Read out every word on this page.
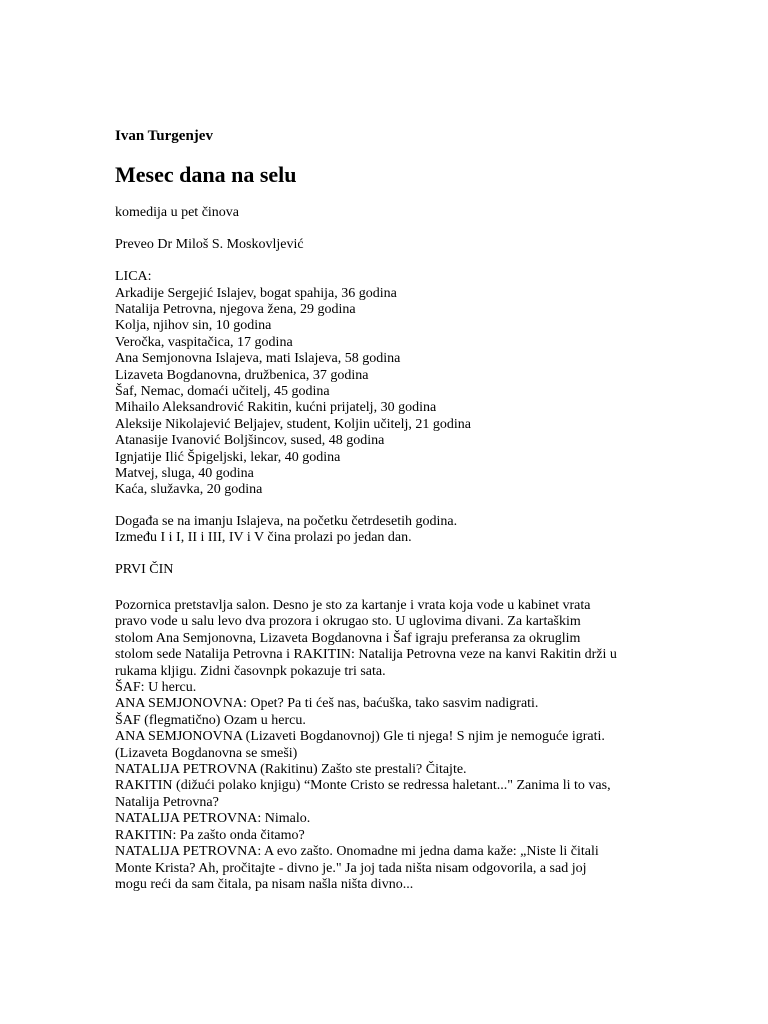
Ivan Turgenjev

Mesec dana na selu

komedija u pet činova

Preveo Dr Miloš S. Moskovljević

LICA:

Arkadije Sergejić Islajev, bogat spahija, 36 godina

Natalija Petrovna, njegova žena, 29 godina

Kolja, njihov sin, 10 godina

Veročka, vaspitačica, 17 godina

Ana Semjonovna Islajeva, mati Islajeva, 58 godina

Lizaveta Bogdanovna, družbenica, 37 godina

Šaf, Nemac, domaći učitelj, 45 godina

Mihailo Aleksandrović Rakitin, kućni prijatelj, 30 godina

Aleksije Nikolajević Beljajev, student, Koljin učitelj, 21 godina

Atanasije Ivanović Boljšincov, sused, 48 godina

Ignjatije Ilić Špigeljski, lekar, 40 godina

Matvej, sluga, 40 godina

Kaća, služavka, 20 godina

Događa se na imanju Islajeva, na početku četrdesetih godina.

Između I i I, II i III, IV i V čina prolazi po jedan dan.

PRVI ČIN

Pozornica pretstavlja salon. Desno je sto za kartanje i vrata koja vode u kabinet vrata

pravo vode u salu levo dva prozora i okrugao sto. U uglovima divani. Za kartaškim

stolom Ana Semjonovna, Lizaveta Bogdanovna i Šaf igraju preferansa za okruglim

stolom sede Natalija Petrovna i RAKITIN: Natalija Petrovna veze na kanvi Rakitin drži u

rukama kljigu. Zidni časovnpk pokazuje tri sata.

ŠAF: U hercu.

ANA SEMJONOVNA: Opet? Pa ti ćeš nas, baćuška, tako sasvim nadigrati.

ŠAF (flegmatično) Ozam u hercu.

ANA SEMJONOVNA (Lizaveti Bogdanovnoj) Gle ti njega! S njim je nemoguće igrati.

(Lizaveta Bogdanovna se smeši)

NATALIJA PETROVNA (Rakitinu) Zašto ste prestali? Čitajte.

RAKITIN (dižući polako knjigu) “Monte Cristo se redressa haletant..." Zanima li to vas,

Natalija Petrovna?

NATALIJA PETROVNA: Nimalo.

RAKITIN: Pa zašto onda čitamo?

NATALIJA PETROVNA: A evo zašto. Onomadne mi jedna dama kaže: „Niste li čitali

Monte Krista? Ah, pročitajte - divno je." Ja joj tada ništa nisam odgovorila, a sad joj

mogu reći da sam čitala, pa nisam našla ništa divno...
